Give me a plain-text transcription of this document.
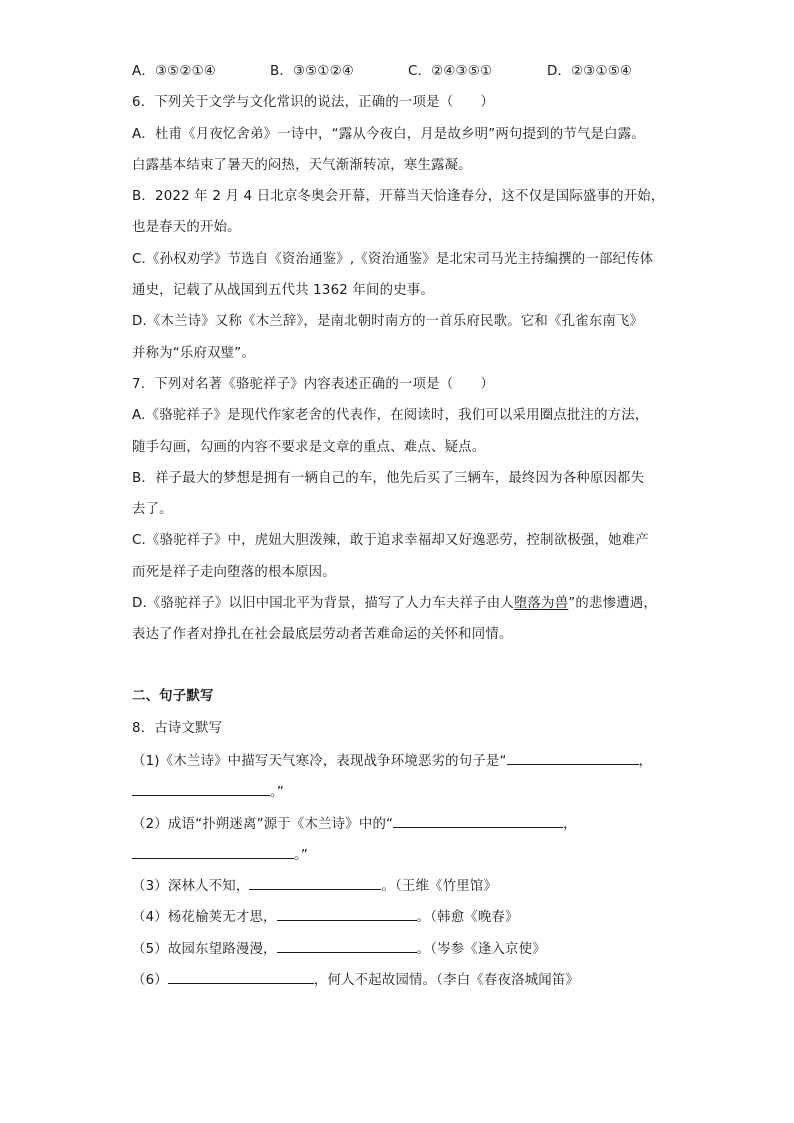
A．③⑤②①④	B．③⑤①②④	C．②④③⑤①	D．②③①⑤④
6．下列关于文学与文化常识的说法，正确的一项是（　　）
A．杜甫《月夜忆舍弟》一诗中，“露从今夜白，月是故乡明”两句提到的节气是白露。
白露基本结束了暑天的闷热，天气渐渐转凉，寒生露凝。
B．2022 年 2 月 4 日北京冬奥会开幕，开幕当天恰逢春分，这不仅是国际盛事的开始，
也是春天的开始。
C.《孙权劝学》节选自《资治通鉴》,《资治通鉴》是北宋司马光主持编撰的一部纪传体
通史，记载了从战国到五代共 1362 年间的史事。
D.《木兰诗》又称《木兰辞》，是南北朝时南方的一首乐府民歌。它和《孔雀东南飞》
并称为“乐府双璧”。
7．下列对名著《骆驼祥子》内容表述正确的一项是（　　）
A.《骆驼祥子》是现代作家老舍的代表作，在阅读时，我们可以采用圈点批注的方法，
随手勾画，勾画的内容不要求是文章的重点、难点、疑点。
B．祥子最大的梦想是拥有一辆自己的车，他先后买了三辆车，最终因为各种原因都失
去了。
C.《骆驼祥子》中，虎妞大胆泼辣，敢于追求幸福却又好逸恶劳，控制欲极强，她难产
而死是祥子走向堕落的根本原因。
D.《骆驼祥子》以旧中国北平为背景，描写了人力车夫祥子由人堕落为兽”的悲惨遭遇，
表达了作者对挣扎在社会最底层劳动者苦难命运的关怀和同情。
二、句子默写
8．古诗文默写
（1)《木兰诗》中描写天气寒冷，表现战争环境恶劣的句子是“	，
。”
（2）成语“扑朔迷离”源于《木兰诗》中的“	，
。”
（3）深林人不知，	。（王维《竹里馆》
（4）杨花榆荚无才思，	。（韩愈《晚春》
（5）故园东望路漫漫，	。（岑参《逢入京使》
（6）	，何人不起故园情。（李白《春夜洛城闻笛》
